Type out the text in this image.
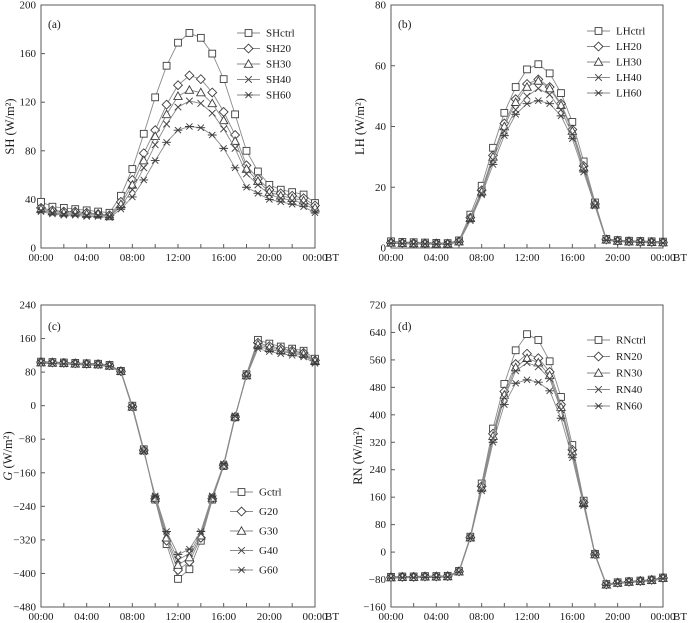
0
40
80
120
160
200
00:00 04:00 08:00 12:00 16:00 20:00 00:00
BT
SH (W/m²)
(a)
SHctrl
SH20
SH30
SH40
SH60
0
20
40
60
80
00:00 04:00 08:00 12:00 16:00 20:00 00:00
BT
LH (W/m²)
(b)
LHctrl
LH20
LH30
LH40
LH60
−480
−400
−320
−240
−160
−80
0
80
160
240
00:00 04:00 08:00 12:00 16:00 20:00 00:00
BT
G (W/m²)
(c)
Gctrl
G20
G30
G40
G60
−160
−80
0
80
160
240
320
400
480
560
640
720
00:00 04:00 08:00 12:00 16:00 20:00 00:00
BT
RN (W/m²)
(d)
RNctrl
RN20
RN30
RN40
RN60
